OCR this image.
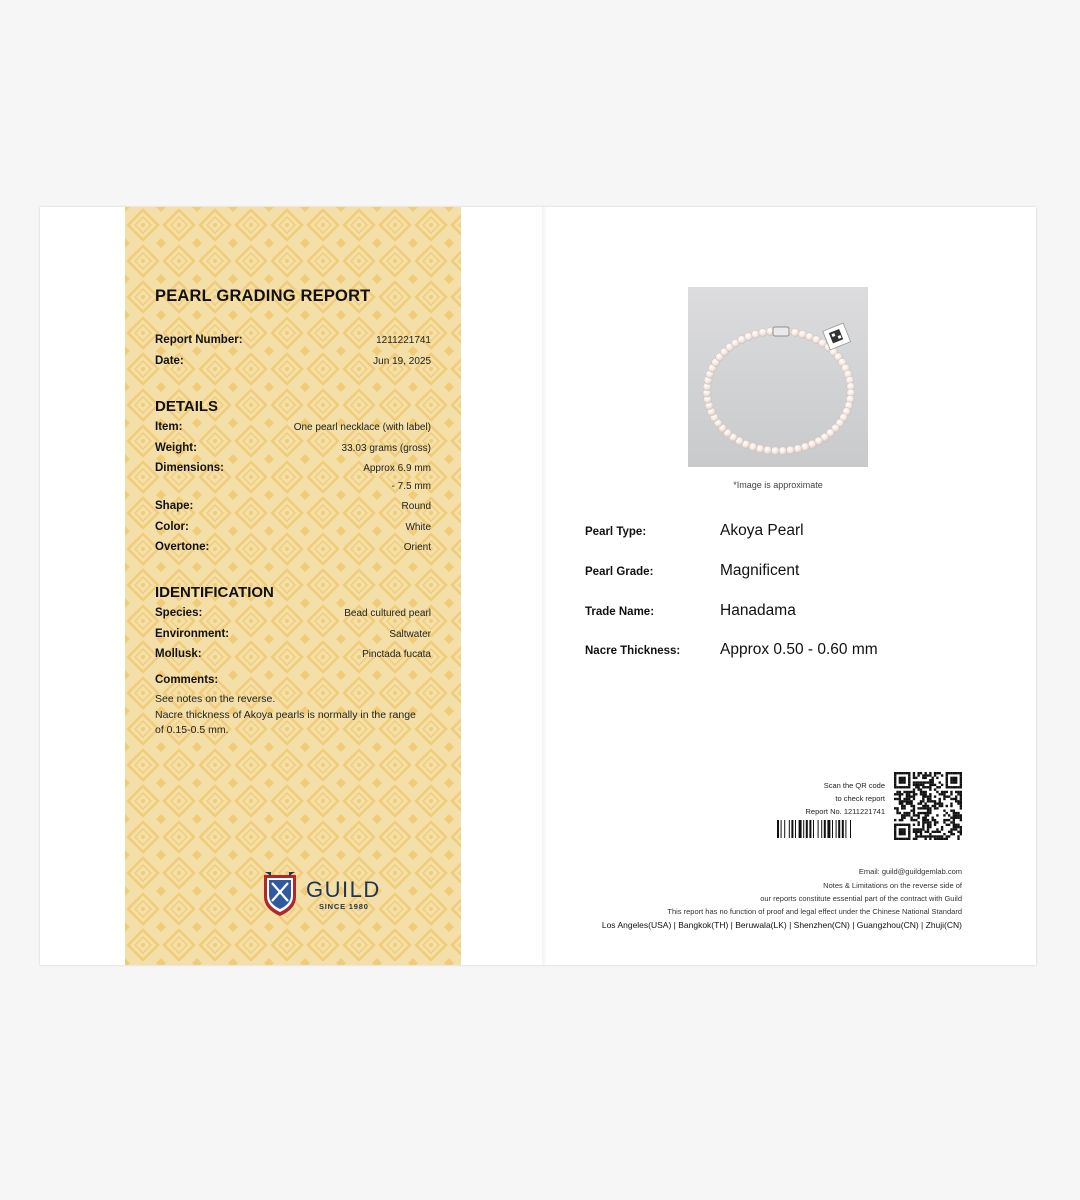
PEARL GRADING REPORT
Report Number:	1211221741
Date:	Jun 19, 2025
DETAILS
Item:	One pearl necklace (with label)
Weight:	33.03 grams (gross)
Dimensions:	Approx 6.9 mm
- 7.5 mm
Shape:	Round
Color:	White
Overtone:	Orient
IDENTIFICATION
Species:	Bead cultured pearl
Environment:	Saltwater
Mollusk:	Pinctada fucata
Comments:
See notes on the reverse.
Nacre thickness of Akoya pearls is normally in the range
of 0.15-0.5 mm.
GUILD
SINCE 1980
*Image is approximate
Pearl Type:	Akoya Pearl
Pearl Grade:	Magnificent
Trade Name:	Hanadama
Nacre Thickness:	Approx 0.50 - 0.60 mm
Scan the QR code
to check report
Report No. 1211221741
Email: guild@guildgemlab.com
Notes & Limitations on the reverse side of
our reports constitute essential part of the contract with Guild
This report has no function of proof and legal effect under the Chinese National Standard
Los Angeles(USA) | Bangkok(TH) | Beruwala(LK) | Shenzhen(CN) | Guangzhou(CN) | Zhuji(CN)
